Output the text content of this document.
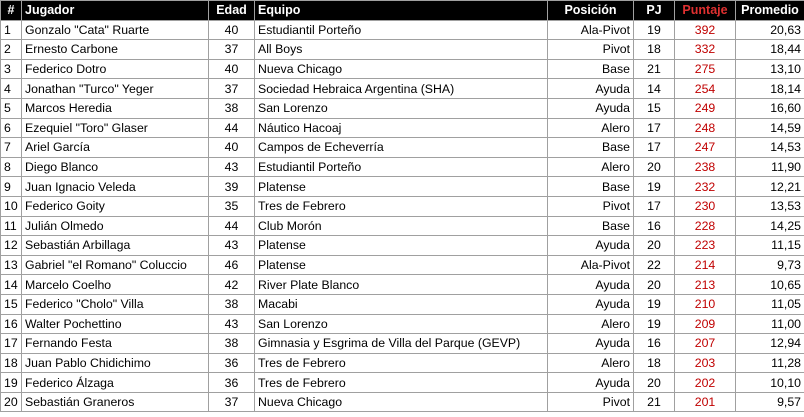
#	Jugador	Edad	Equipo	Posición	PJ	Puntaje	Promedio
1	Gonzalo "Cata" Ruarte	40	Estudiantil Porteño	Ala-Pivot	19	392	20,63
2	Ernesto Carbone	37	All Boys	Pivot	18	332	18,44
3	Federico Dotro	40	Nueva Chicago	Base	21	275	13,10
4	Jonathan "Turco" Yeger	37	Sociedad Hebraica Argentina (SHA)	Ayuda	14	254	18,14
5	Marcos Heredia	38	San Lorenzo	Ayuda	15	249	16,60
6	Ezequiel "Toro" Glaser	44	Náutico Hacoaj	Alero	17	248	14,59
7	Ariel García	40	Campos de Echeverría	Base	17	247	14,53
8	Diego Blanco	43	Estudiantil Porteño	Alero	20	238	11,90
9	Juan Ignacio Veleda	39	Platense	Base	19	232	12,21
10	Federico Goity	35	Tres de Febrero	Pivot	17	230	13,53
11	Julián Olmedo	44	Club Morón	Base	16	228	14,25
12	Sebastián Arbillaga	43	Platense	Ayuda	20	223	11,15
13	Gabriel "el Romano" Coluccio	46	Platense	Ala-Pivot	22	214	9,73
14	Marcelo Coelho	42	River Plate Blanco	Ayuda	20	213	10,65
15	Federico "Cholo" Villa	38	Macabi	Ayuda	19	210	11,05
16	Walter Pochettino	43	San Lorenzo	Alero	19	209	11,00
17	Fernando Festa	38	Gimnasia y Esgrima de Villa del Parque (GEVP)	Ayuda	16	207	12,94
18	Juan Pablo Chidichimo	36	Tres de Febrero	Alero	18	203	11,28
19	Federico Álzaga	36	Tres de Febrero	Ayuda	20	202	10,10
20	Sebastián Graneros	37	Nueva Chicago	Pivot	21	201	9,57
